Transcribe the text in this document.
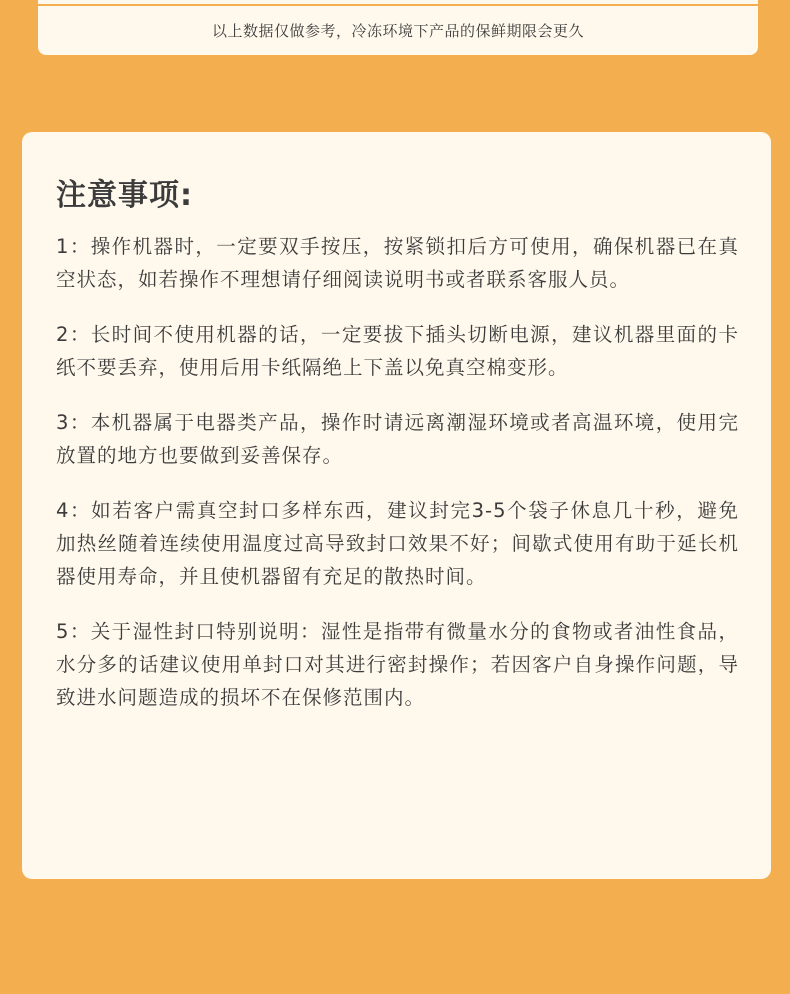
以上数据仅做参考，冷冻环境下产品的保鲜期限会更久
注意事项:

1：操作机器时，一定要双手按压，按紧锁扣后方可使用，确保机器已在真空状态，如若操作不理想请仔细阅读说明书或者联系客服人员。

2：长时间不使用机器的话，一定要拔下插头切断电源，建议机器里面的卡纸不要丢弃，使用后用卡纸隔绝上下盖以免真空棉变形。

3：本机器属于电器类产品，操作时请远离潮湿环境或者高温环境，使用完放置的地方也要做到妥善保存。

4：如若客户需真空封口多样东西，建议封完3-5个袋子休息几十秒，避免加热丝随着连续使用温度过高导致封口效果不好；间歇式使用有助于延长机器使用寿命，并且使机器留有充足的散热时间。

5：关于湿性封口特别说明：湿性是指带有微量水分的食物或者油性食品，水分多的话建议使用单封口对其进行密封操作；若因客户自身操作问题，导致进水问题造成的损坏不在保修范围内。
